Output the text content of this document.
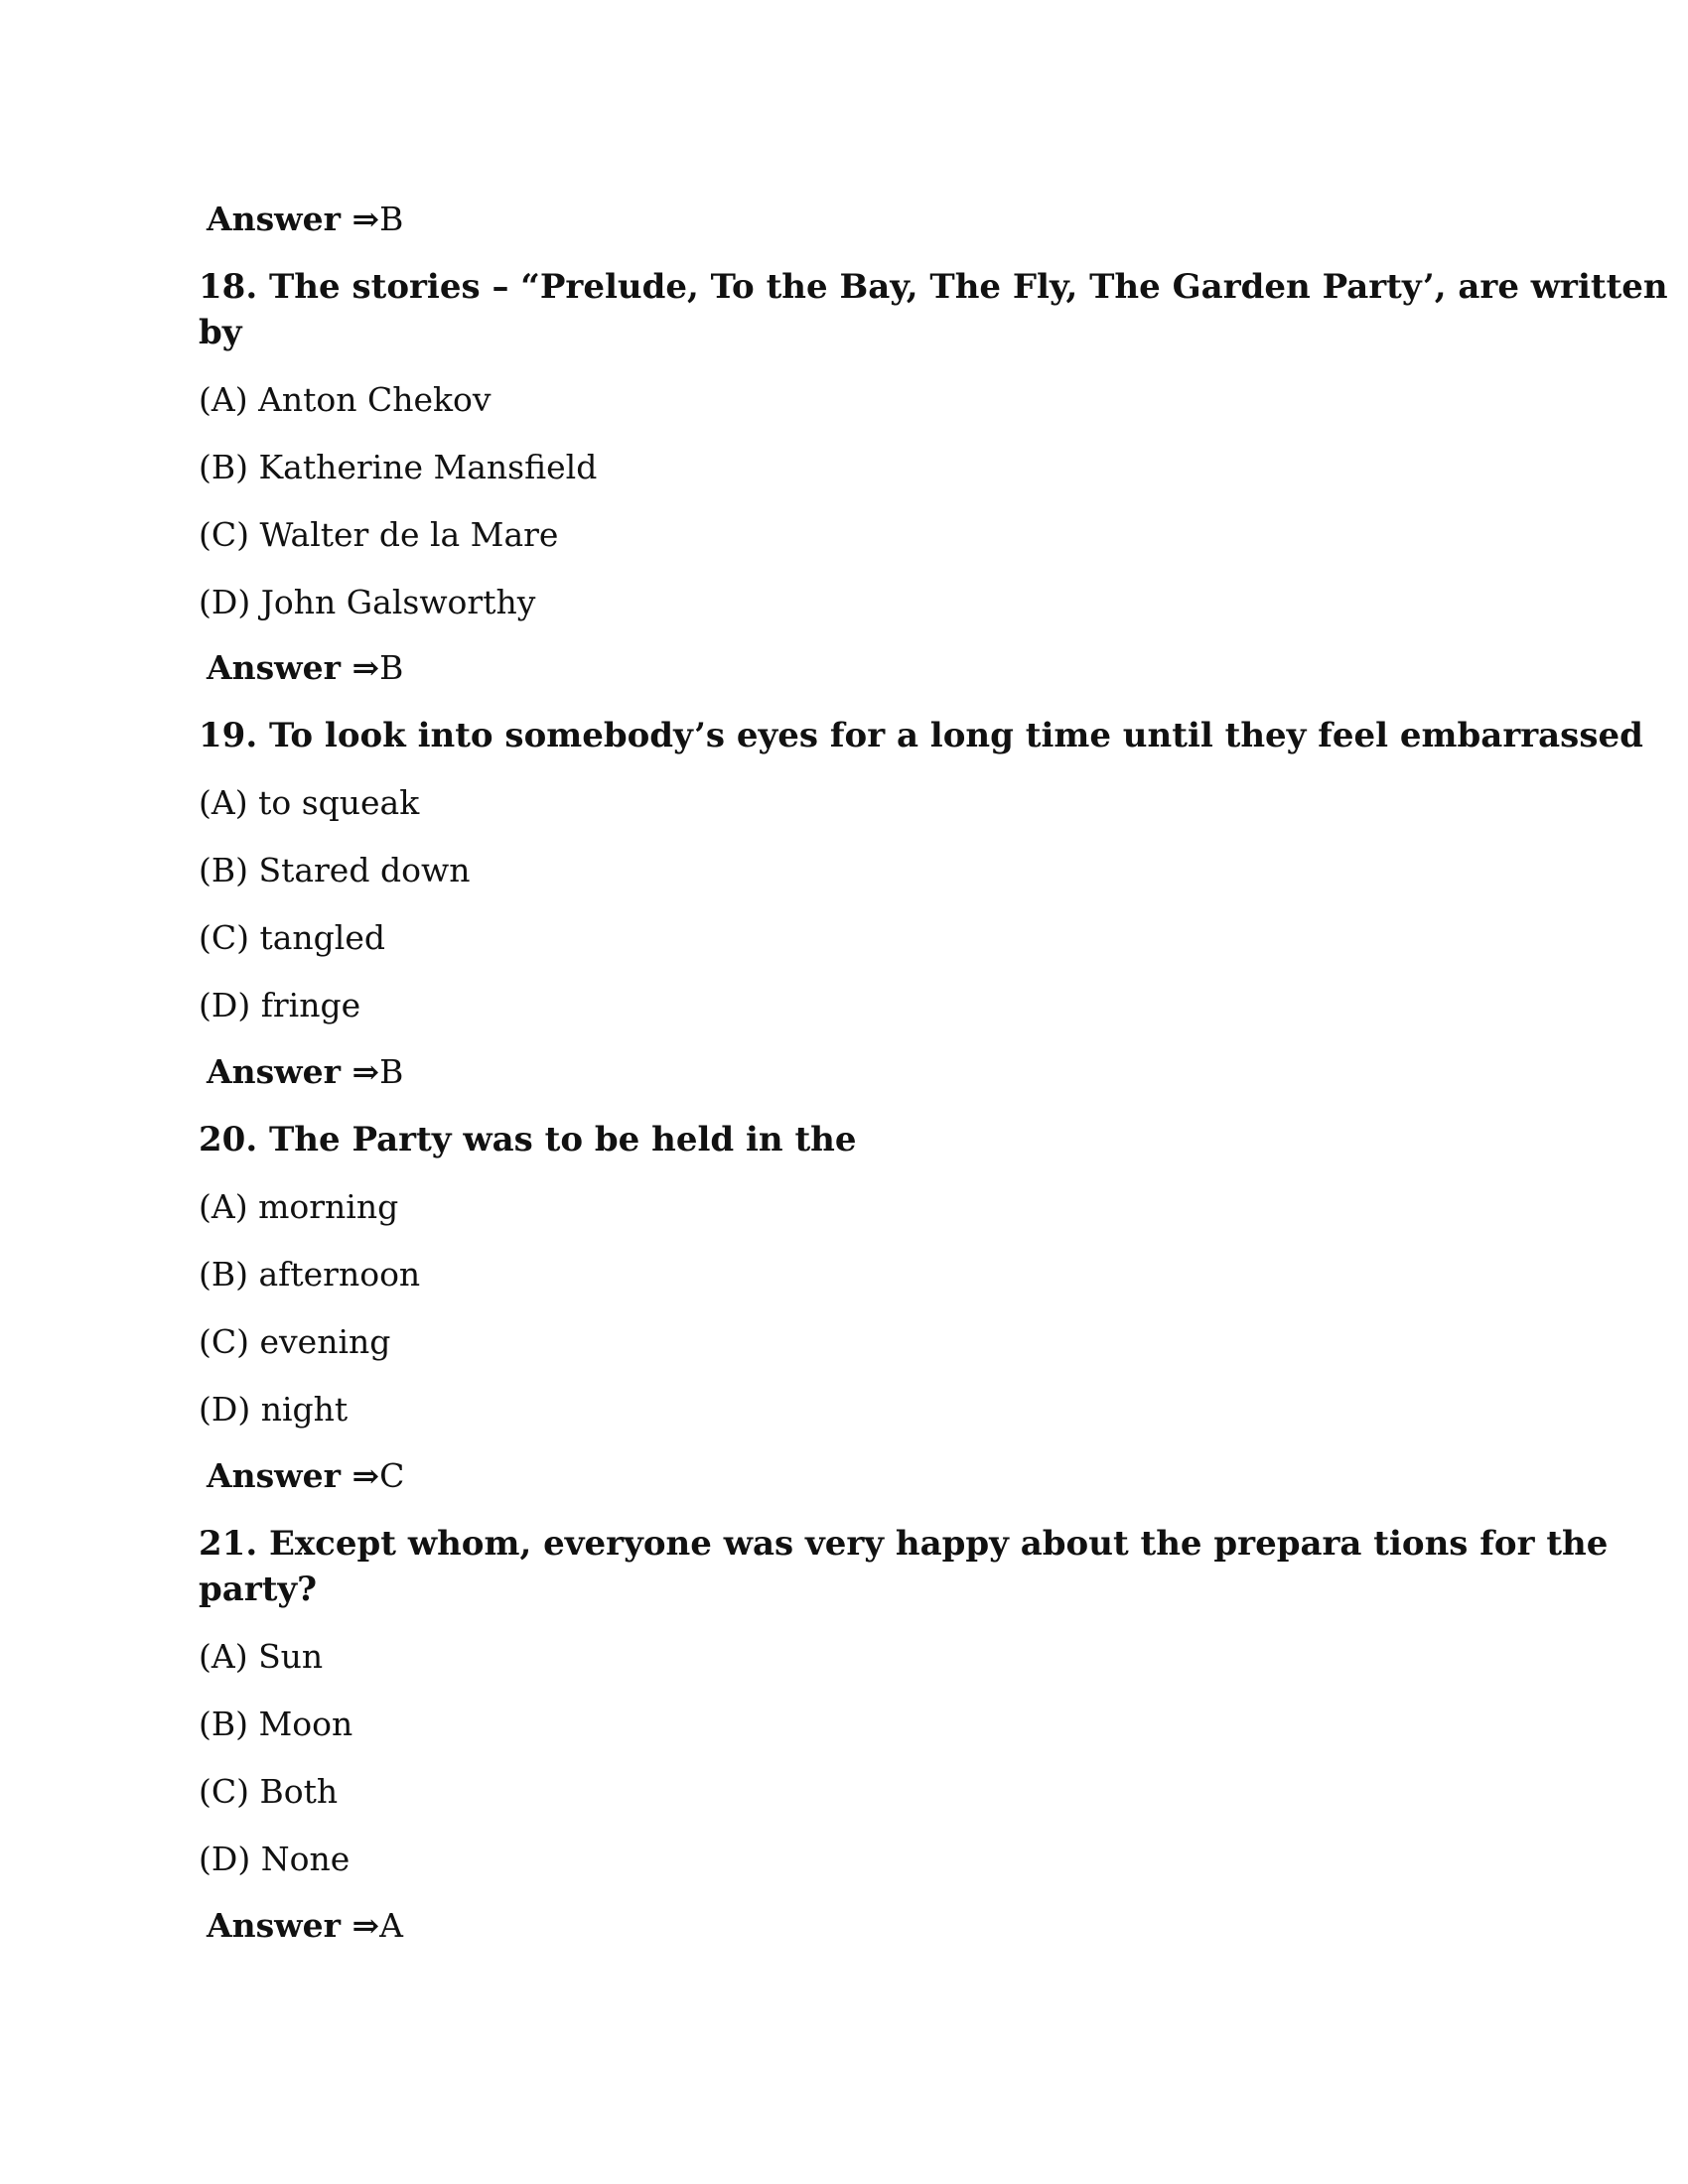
Answer ⇒B
18. The stories – “Prelude, To the Bay, The Fly, The Garden Party’, are written
by
(A) Anton Chekov
(B) Katherine Mansfield
(C) Walter de la Mare
(D) John Galsworthy
Answer ⇒B
19. To look into somebody’s eyes for a long time until they feel embarrassed
(A) to squeak
(B) Stared down
(C) tangled
(D) fringe
Answer ⇒B
20. The Party was to be held in the
(A) morning
(B) afternoon
(C) evening
(D) night
Answer ⇒C
21. Except whom, everyone was very happy about the prepara tions for the
party?
(A) Sun
(B) Moon
(C) Both
(D) None
Answer ⇒A
